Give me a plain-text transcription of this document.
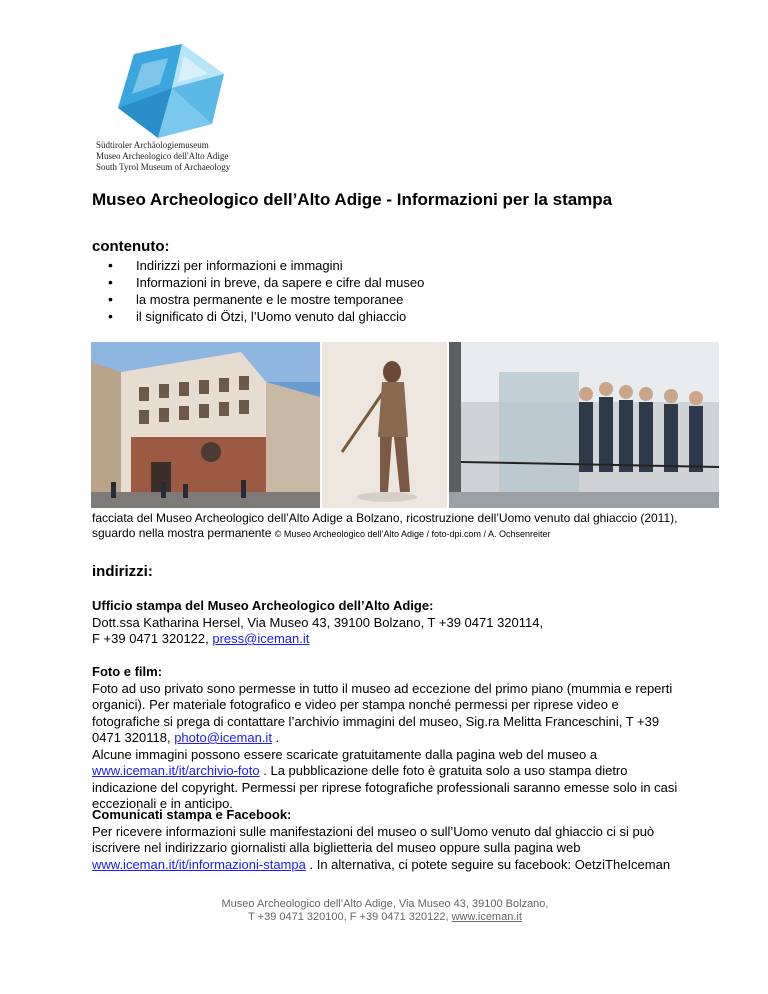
Südtiroler Archäologiemuseum
Museo Archeologico dell'Alto Adige
South Tyrol Museum of Archaeology
Museo Archeologico dell’Alto Adige - Informazioni per la stampa
contenuto:
• Indirizzi per informazioni e immagini
• Informazioni in breve, da sapere e cifre dal museo
• la mostra permanente e le mostre temporanee
• il significato di Ötzi, l’Uomo venuto dal ghiaccio
facciata del Museo Archeologico dell’Alto Adige a Bolzano, ricostruzione dell’Uomo venuto dal ghiaccio (2011), sguardo nella mostra permanente © Museo Archeologico dell’Alto Adige / foto-dpi.com / A. Ochsenreiter
indirizzi:
Ufficio stampa del Museo Archeologico dell’Alto Adige:
Dott.ssa Katharina Hersel, Via Museo 43, 39100 Bolzano, T +39 0471 320114,
F +39 0471 320122, press@iceman.it
Foto e film:
Foto ad uso privato sono permesse in tutto il museo ad eccezione del primo piano (mummia e reperti organici). Per materiale fotografico e video per stampa nonché permessi per riprese video e fotografiche si prega di contattare l’archivio immagini del museo, Sig.ra Melitta Franceschini, T +39 0471 320118, photo@iceman.it .
Alcune immagini possono essere scaricate gratuitamente dalla pagina web del museo a www.iceman.it/it/archivio-foto . La pubblicazione delle foto è gratuita solo a uso stampa dietro indicazione del copyright. Permessi per riprese fotografiche professionali saranno emesse solo in casi eccezionali e in anticipo.
Comunicati stampa e Facebook:
Per ricevere informazioni sulle manifestazioni del museo o sull’Uomo venuto dal ghiaccio ci si può iscrivere nel indirizzario giornalisti alla biglietteria del museo oppure sulla pagina web www.iceman.it/it/informazioni-stampa . In alternativa, ci potete seguire su facebook: OetziTheIceman
Museo Archeologico dell’Alto Adige, Via Museo 43, 39100 Bolzano,
T +39 0471 320100, F +39 0471 320122, www.iceman.it
